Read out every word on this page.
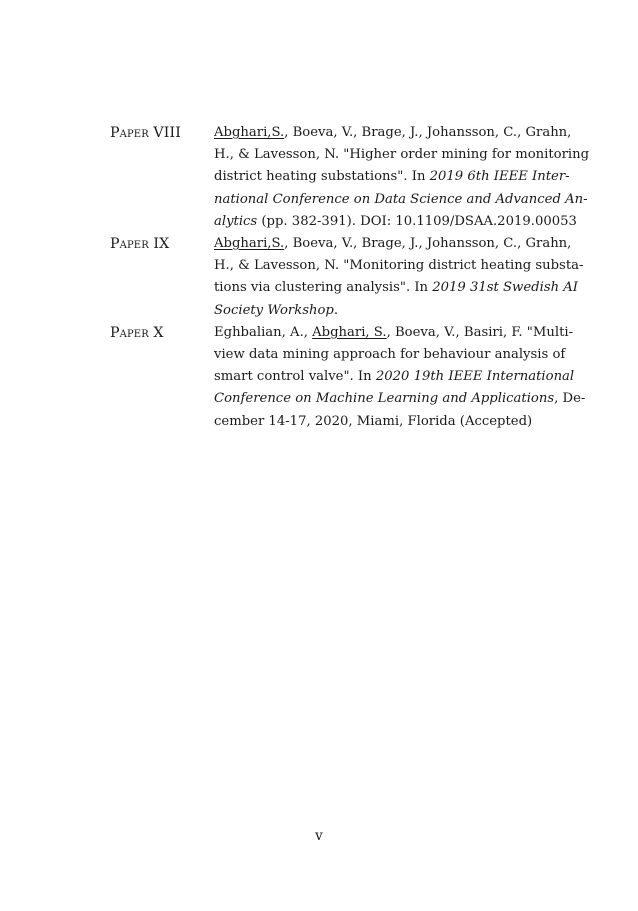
Paper VIII	Abghari,S., Boeva, V., Brage, J., Johansson, C., Grahn,
H., & Lavesson, N. "Higher order mining for monitoring
district heating substations". In 2019 6th IEEE Inter-
national Conference on Data Science and Advanced An-
alytics (pp. 382-391). DOI: 10.1109/DSAA.2019.00053
Paper IX	Abghari,S., Boeva, V., Brage, J., Johansson, C., Grahn,
H., & Lavesson, N. "Monitoring district heating substa-
tions via clustering analysis". In 2019 31st Swedish AI
Society Workshop.
Paper X	Eghbalian, A., Abghari, S., Boeva, V., Basiri, F. "Multi-
view data mining approach for behaviour analysis of
smart control valve". In 2020 19th IEEE International
Conference on Machine Learning and Applications, De-
cember 14-17, 2020, Miami, Florida (Accepted)
v
